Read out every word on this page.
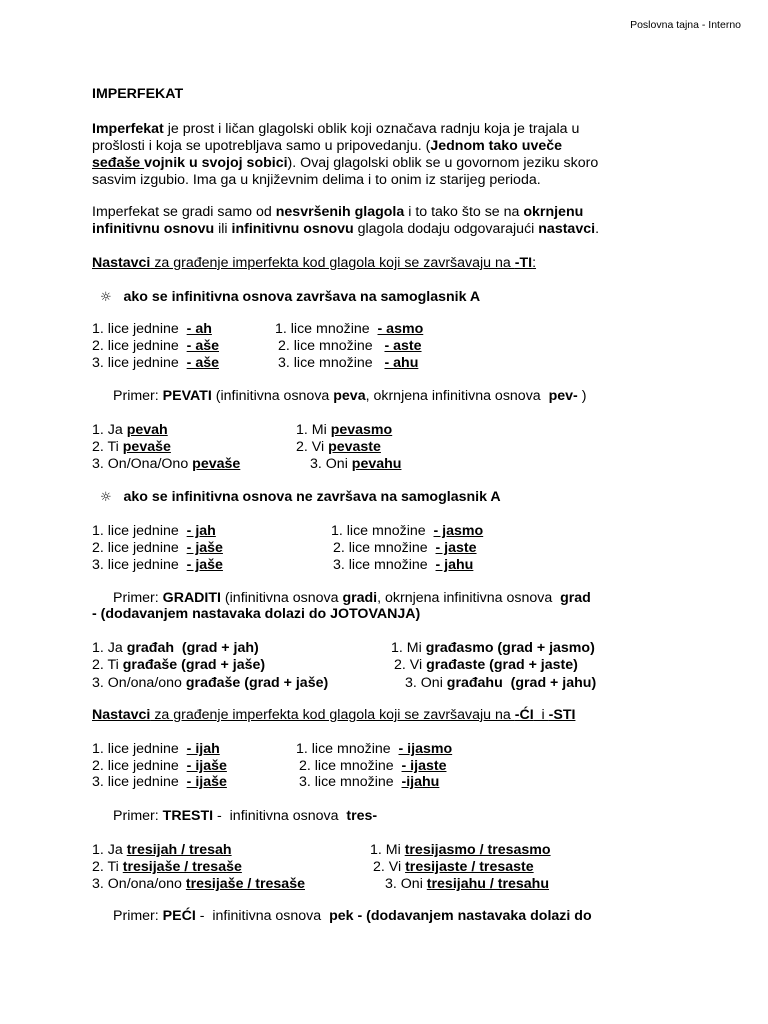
Poslovna tajna - Interno
IMPERFEKAT
Imperfekat je prost i ličan glagolski oblik koji označava radnju koja je trajala u
prošlosti i koja se upotrebljava samo u pripovedanju. (Jednom tako uveče
seđaše vojnik u svojoj sobici). Ovaj glagolski oblik se u govornom jeziku skoro
sasvim izgubio. Ima ga u književnim delima i to onim iz starijeg perioda.
Imperfekat se gradi samo od nesvršenih glagola i to tako što se na okrnjenu
infinitivnu osnovu ili infinitivnu osnovu glagola dodaju odgovarajući nastavci.
Nastavci za građenje imperfekta kod glagola koji se završavaju na -TI:
☼ ako se infinitivna osnova završava na samoglasnik A
1. lice jednine  - ah	1. lice množine  - asmo
2. lice jednine  - aše	2. lice množine   - aste
3. lice jednine  - aše	3. lice množine   - ahu
Primer: PEVATI (infinitivna osnova peva, okrnjena infinitivna osnova  pev- )
1. Ja pevah	1. Mi pevasmo
2. Ti pevaše	2. Vi pevaste
3. On/Ona/Ono pevaše	3. Oni pevahu
☼ ako se infinitivna osnova ne završava na samoglasnik A
1. lice jednine  - jah	1. lice množine  - jasmo
2. lice jednine  - jaše	2. lice množine  - jaste
3. lice jednine  - jaše	3. lice množine  - jahu
Primer: GRADITI (infinitivna osnova gradi, okrnjena infinitivna osnova  grad
- (dodavanjem nastavaka dolazi do JOTOVANJA)
1. Ja građah  (grad + jah)	1. Mi građasmo (grad + jasmo)
2. Ti građaše (grad + jaše)	2. Vi građaste (grad + jaste)
3. On/ona/ono građaše (grad + jaše)	3. Oni građahu  (grad + jahu)
Nastavci za građenje imperfekta kod glagola koji se završavaju na -ĆI  i -STI
1. lice jednine  - ijah	1. lice množine  - ijasmo
2. lice jednine  - ijaše	2. lice množine  - ijaste
3. lice jednine  - ijaše	3. lice množine  -ijahu
Primer: TRESTI -  infinitivna osnova  tres-
1. Ja tresijah / tresah	1. Mi tresijasmo / tresasmo
2. Ti tresijaše / tresaše	2. Vi tresijaste / tresaste
3. On/ona/ono tresijaše / tresaše	3. Oni tresijahu / tresahu
Primer: PEĆI -  infinitivna osnova  pek - (dodavanjem nastavaka dolazi do
